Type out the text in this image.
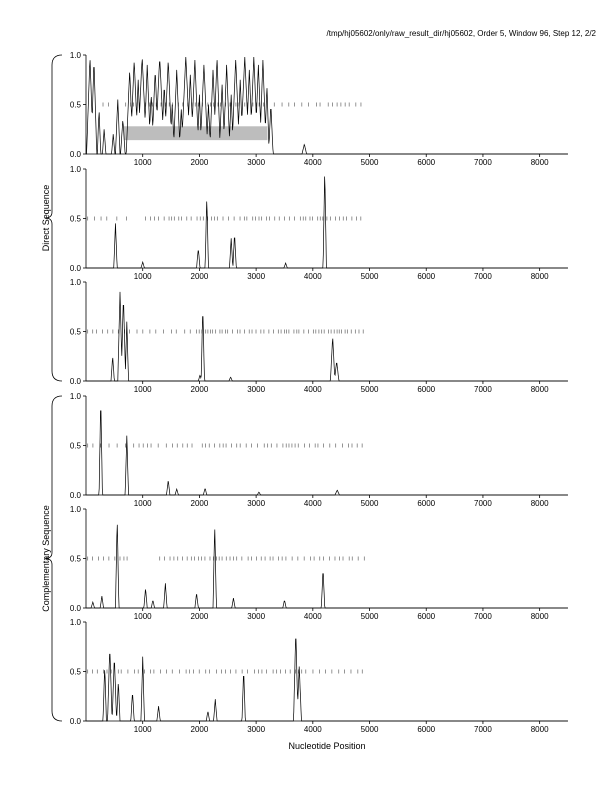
/tmp/hj05602/only/raw_result_dir/hj05602, Order 5, Window 96, Step 12, 2/2
Nucleotide Position
0.0
0.5
1.0
1000	2000	3000	4000	5000	6000	7000	8000
0.0
0.5
1.0
1000	2000	3000	4000	5000	6000	7000	8000
0.0
0.5
1.0
1000	2000	3000	4000	5000	6000	7000	8000
0.0
0.5
1.0
1000	2000	3000	4000	5000	6000	7000	8000
0.0
0.5
1.0
1000	2000	3000	4000	5000	6000	7000	8000
0.0
0.5
1.0
1000	2000	3000	4000	5000	6000	7000	8000
Direct Sequence
Complementary Sequence
